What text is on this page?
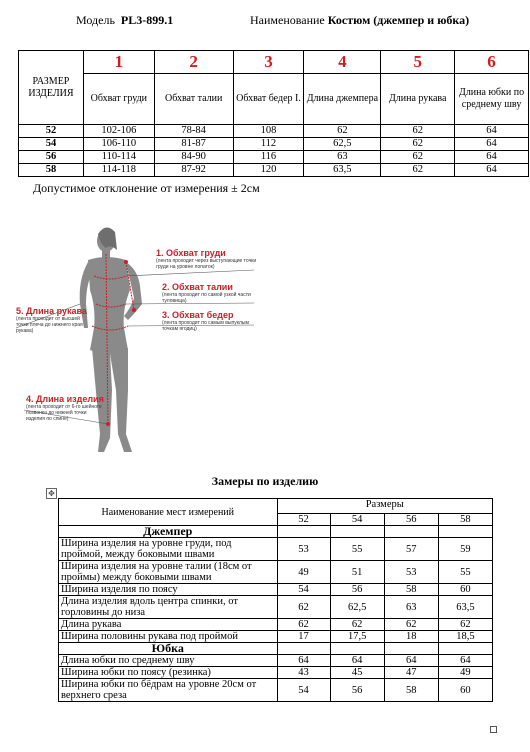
Модель PL3-899.1	Наименование Костюм (джемпер и юбка)
РАЗМЕР ИЗДЕЛИЯ	1	2	3	4	5	6
	Обхват груди	Обхват талии	Обхват бедер I.	Длина джемпера	Длина рукава	Длина юбки по среднему шву
52	102-106	78-84	108	62	62	64
54	106-110	81-87	112	62,5	62	64
56	110-114	84-90	116	63	62	64
58	114-118	87-92	120	63,5	62	64
Допустимое отклонение от измерения ± 2см
1. Обхват груди
(лента проходит через выступающие точки груди на уровне лопаток)
2. Обхват талии
(лента проходит по самой узкой части туловища)
3. Обхват бедер
(лента проходит по самым выпуклым точкам ягодиц)
5. Длина рукава
(лента проходит от высшей точки плеча до нижнего края рукава)
4. Длина изделия
(лента проходит от 6-го шейного позвонка до нижней точки изделия по спине)
Замеры по изделию
✥
Наименование мест измерений	Размеры			
	52	54	56	58
Джемпер				
Ширина изделия на уровне груди, под проймой, между боковыми швами	53	55	57	59
Ширина изделия на уровне талии (18см от проймы) между боковыми швами	49	51	53	55
Ширина изделия по поясу	54	56	58	60
Длина изделия вдоль центра спинки, от горловины до низа	62	62,5	63	63,5
Длина рукава	62	62	62	62
Ширина половины рукава под проймой	17	17,5	18	18,5
Юбка				
Длина юбки по среднему шву	64	64	64	64
Ширина юбки по поясу (резинка)	43	45	47	49
Ширина юбки по бёдрам на уровне 20см от верхнего среза	54	56	58	60
